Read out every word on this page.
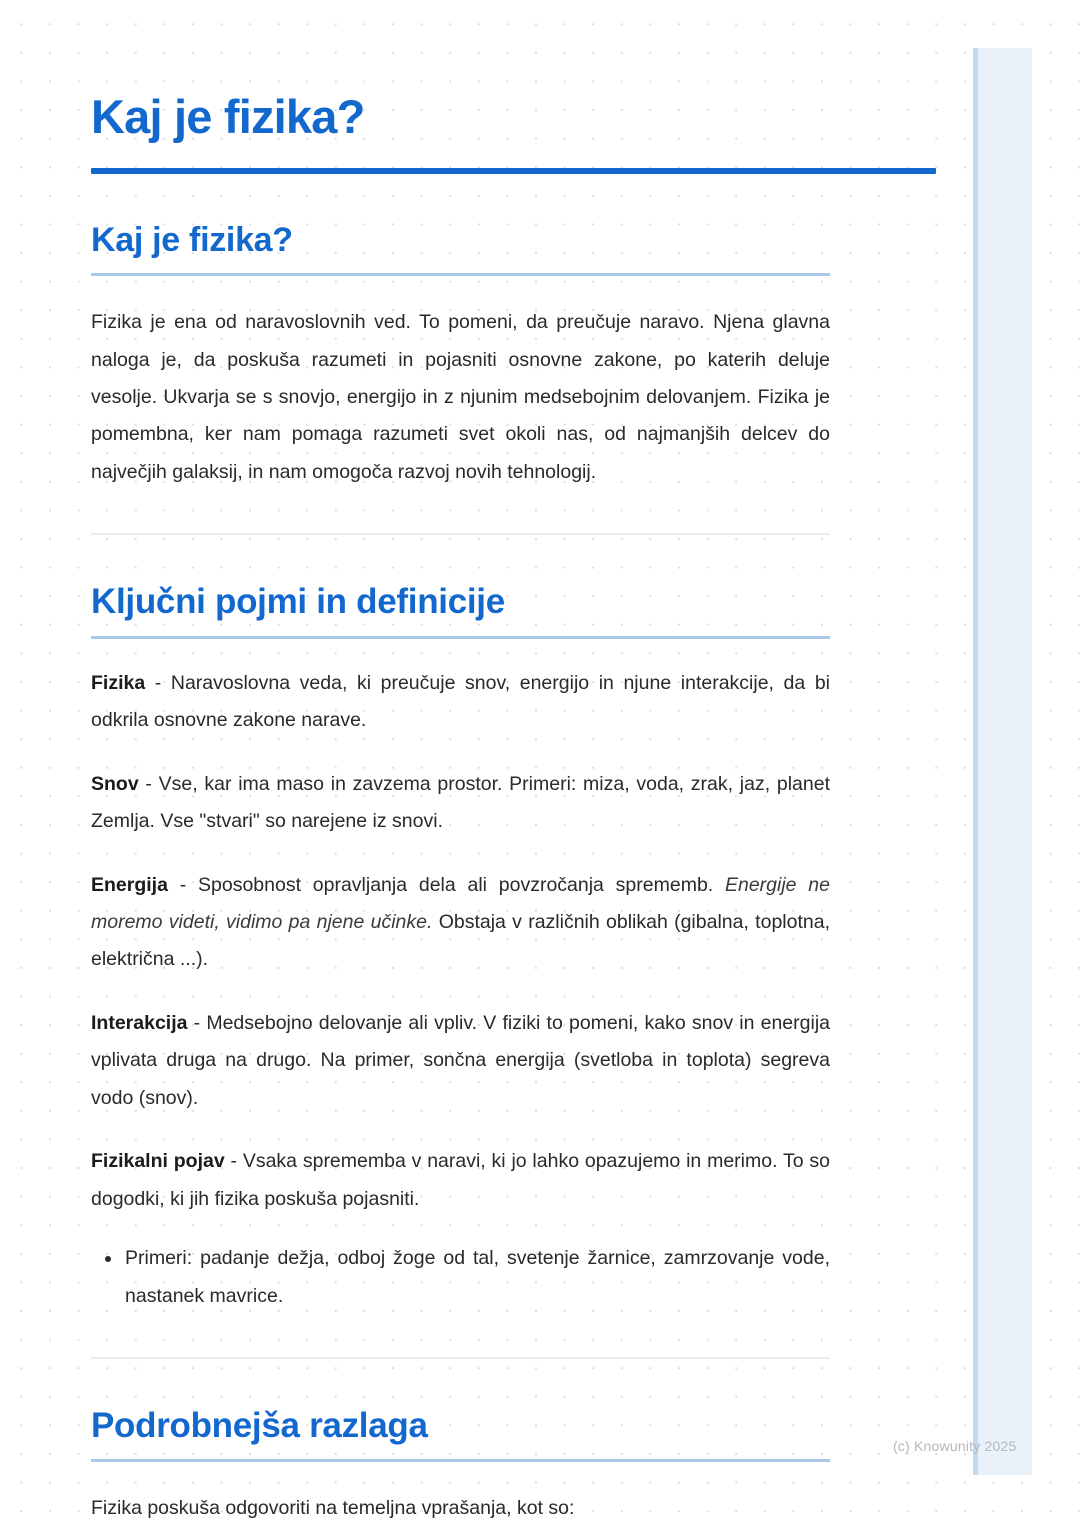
Kaj je fizika?
Kaj je fizika?

Fizika je ena od naravoslovnih ved. To pomeni, da preučuje naravo. Njena glavna naloga je, da poskuša razumeti in pojasniti osnovne zakone, po katerih deluje vesolje. Ukvarja se s snovjo, energijo in z njunim medsebojnim delovanjem. Fizika je pomembna, ker nam pomaga razumeti svet okoli nas, od najmanjših delcev do največjih galaksij, in nam omogoča razvoj novih tehnologij.

Ključni pojmi in definicije

Fizika - Naravoslovna veda, ki preučuje snov, energijo in njune interakcije, da bi odkrila osnovne zakone narave.

Snov - Vse, kar ima maso in zavzema prostor. Primeri: miza, voda, zrak, jaz, planet Zemlja. Vse "stvari" so narejene iz snovi.

Energija - Sposobnost opravljanja dela ali povzročanja sprememb. Energije ne moremo videti, vidimo pa njene učinke. Obstaja v različnih oblikah (gibalna, toplotna, električna ...).

Interakcija - Medsebojno delovanje ali vpliv. V fiziki to pomeni, kako snov in energija vplivata druga na drugo. Na primer, sončna energija (svetloba in toplota) segreva vodo (snov).

Fizikalni pojav - Vsaka sprememba v naravi, ki jo lahko opazujemo in merimo. To so dogodki, ki jih fizika poskuša pojasniti.

Primeri: padanje dežja, odboj žoge od tal, svetenje žarnice, zamrzovanje vode, nastanek mavrice.
Podrobnejša razlaga

Fizika poskuša odgovoriti na temeljna vprašanja, kot so:

(c) Knowunity 2025
